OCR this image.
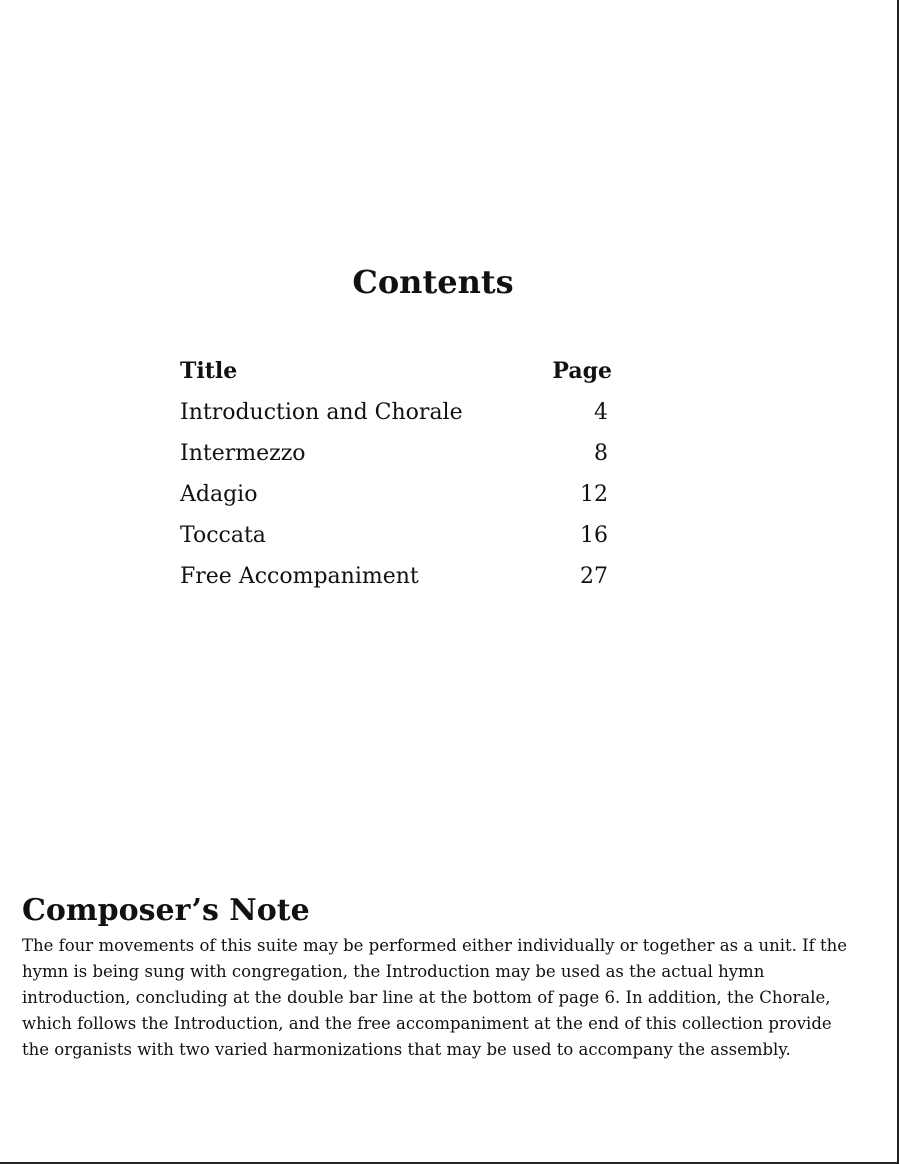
Contents
Title	Page
Introduction and Chorale	4
Intermezzo	8
Adagio	12
Toccata	16
Free Accompaniment	27
Composer’s Note

The four movements of this suite may be performed either individually or together as a unit. If the hymn is being sung with congregation, the Introduction may be used as the actual hymn introduction, concluding at the double bar line at the bottom of page 6. In addition, the Chorale, which follows the Introduction, and the free accompaniment at the end of this collection provide the organists with two varied harmonizations that may be used to accompany the assembly.
